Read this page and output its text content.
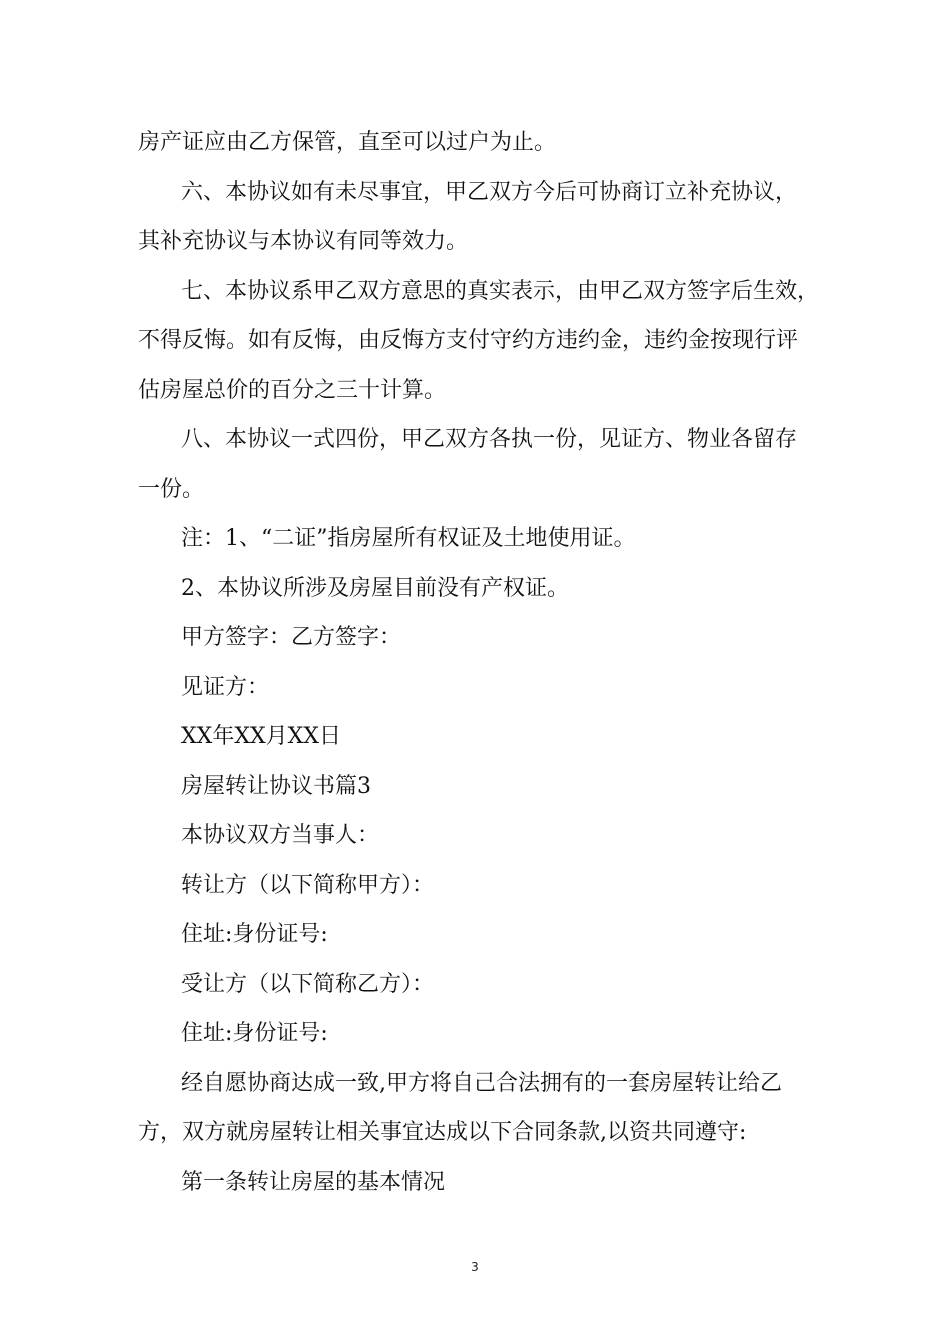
房产证应由乙方保管，直至可以过户为止。

六、本协议如有未尽事宜，甲乙双方今后可协商订立补充协议，

其补充协议与本协议有同等效力。

七、本协议系甲乙双方意思的真实表示，由甲乙双方签字后生效，

不得反悔。如有反悔，由反悔方支付守约方违约金，违约金按现行评

估房屋总价的百分之三十计算。

八、本协议一式四份，甲乙双方各执一份，见证方、物业各留存

一份。

注：1、“二证”指房屋所有权证及土地使用证。

2、本协议所涉及房屋目前没有产权证。

甲方签字：乙方签字：

见证方：

XX年XX月XX日

房屋转让协议书篇3

本协议双方当事人：

转让方（以下简称甲方）：

住址:身份证号:

受让方（以下简称乙方）：

住址:身份证号:

经自愿协商达成一致,甲方将自己合法拥有的一套房屋转让给乙

方，双方就房屋转让相关事宜达成以下合同条款,以资共同遵守:

第一条转让房屋的基本情况

3
